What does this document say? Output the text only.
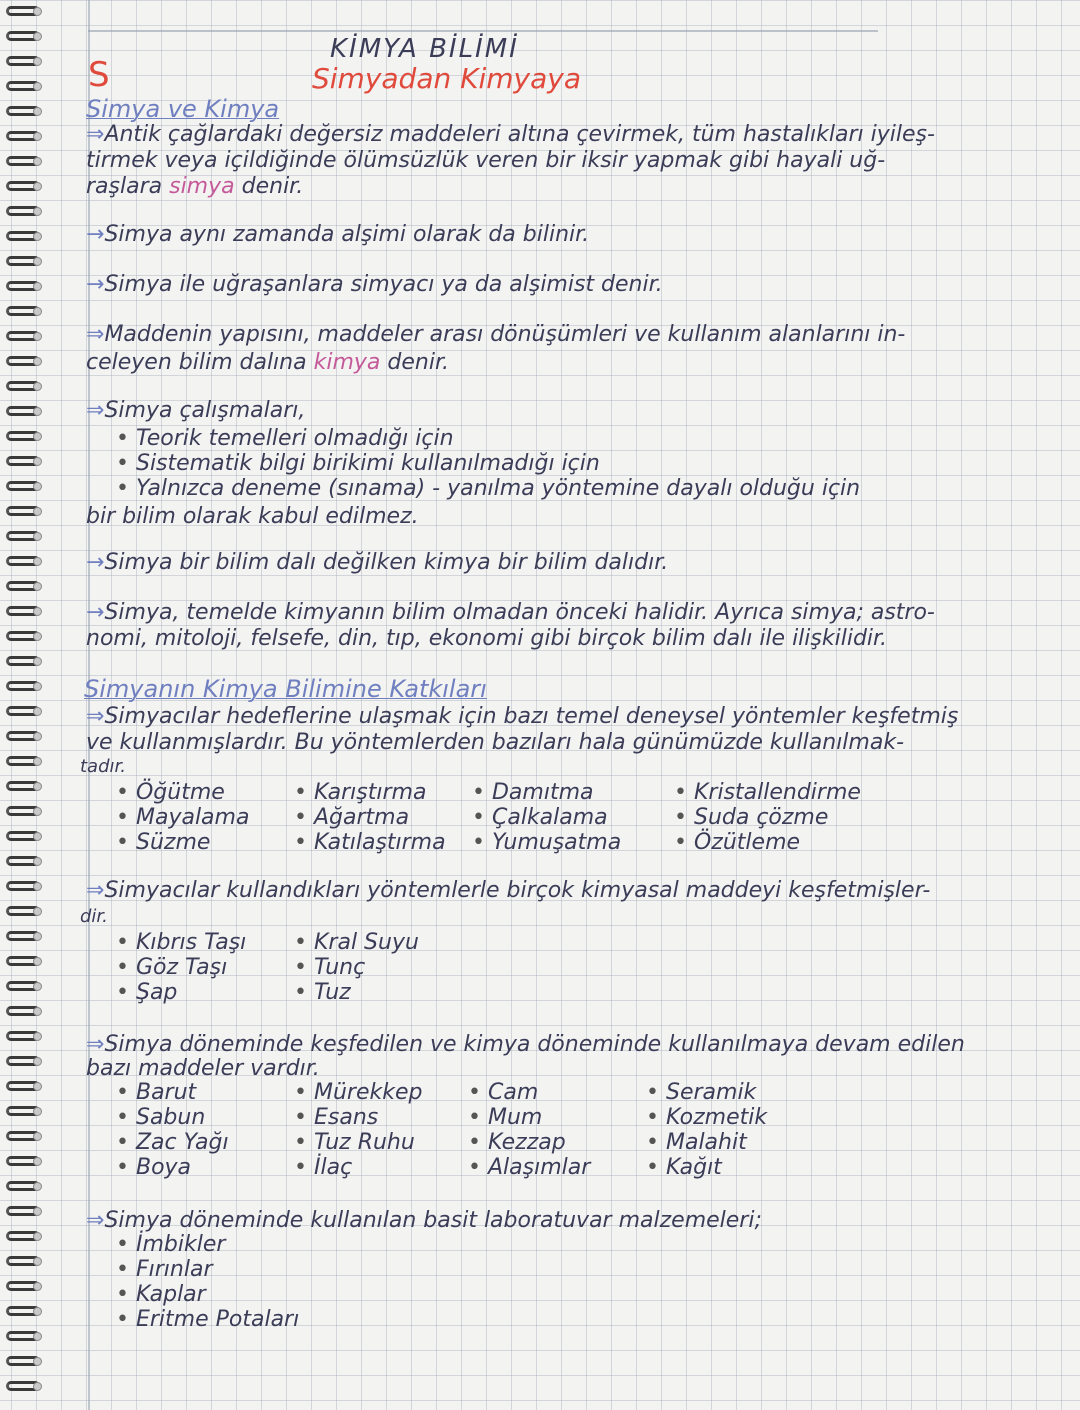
KİMYA BİLİMİ
Simyadan Kimyaya
S
Simya ve Kimya
⇒Antik çağlardaki değersiz maddeleri altına çevirmek, tüm hastalıkları iyileş-
tirmek veya içildiğinde ölümsüzlük veren bir iksir yapmak gibi hayali uğ-
raşlara simya denir.
→Simya aynı zamanda alşimi olarak da bilinir.
→Simya ile uğraşanlara simyacı ya da alşimist denir.
⇒Maddenin yapısını, maddeler arası dönüşümleri ve kullanım alanlarını in-
celeyen bilim dalına kimya denir.
⇒Simya çalışmaları,
• Teorik temelleri olmadığı için
• Sistematik bilgi birikimi kullanılmadığı için
• Yalnızca deneme (sınama) - yanılma yöntemine dayalı olduğu için
bir bilim olarak kabul edilmez.
→Simya bir bilim dalı değilken kimya bir bilim dalıdır.
→Simya, temelde kimyanın bilim olmadan önceki halidir. Ayrıca simya; astro-
nomi, mitoloji, felsefe, din, tıp, ekonomi gibi birçok bilim dalı ile ilişkilidir.
Simyanın Kimya Bilimine Katkıları
⇒Simyacılar hedeflerine ulaşmak için bazı temel deneysel yöntemler keşfetmiş
ve kullanmışlardır. Bu yöntemlerden bazıları hala günümüzde kullanılmak-
tadır.
• Öğütme
• Mayalama
• Süzme
• Karıştırma
• Ağartma
• Katılaştırma
• Damıtma
• Çalkalama
• Yumuşatma
• Kristallendirme
• Suda çözme
• Özütleme
⇒Simyacılar kullandıkları yöntemlerle birçok kimyasal maddeyi keşfetmişler-
dir.
• Kıbrıs Taşı
• Göz Taşı
• Şap
• Kral Suyu
• Tunç
• Tuz
⇒Simya döneminde keşfedilen ve kimya döneminde kullanılmaya devam edilen
bazı maddeler vardır.
• Barut
• Sabun
• Zac Yağı
• Boya
• Mürekkep
• Esans
• Tuz Ruhu
• İlaç
• Cam
• Mum
• Kezzap
• Alaşımlar
• Seramik
• Kozmetik
• Malahit
• Kağıt
⇒Simya döneminde kullanılan basit laboratuvar malzemeleri;
• İmbikler
• Fırınlar
• Kaplar
• Eritme Potaları
